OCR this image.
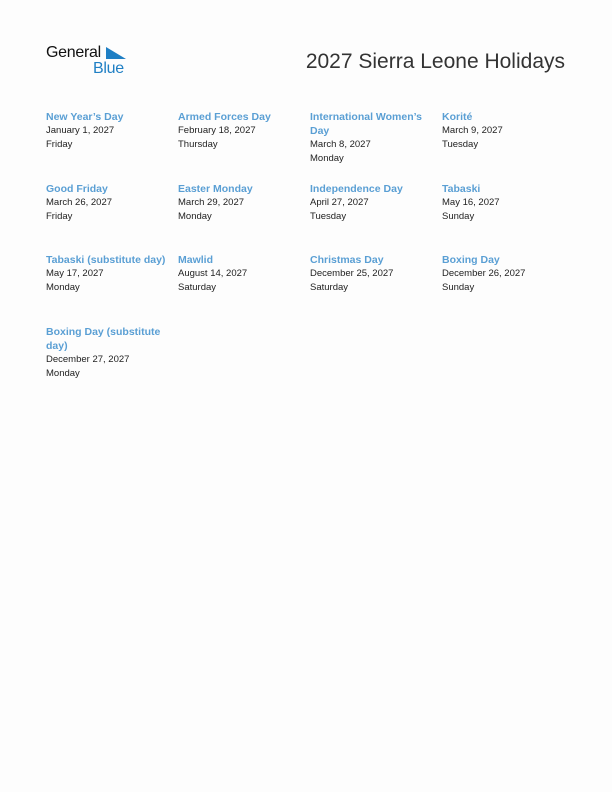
General
Blue	2027 Sierra Leone Holidays
New Year’s Day
January 1, 2027
Friday
Armed Forces Day
February 18, 2027
Thursday
International Women’s Day
March 8, 2027
Monday
Korité
March 9, 2027
Tuesday
Good Friday
March 26, 2027
Friday
Easter Monday
March 29, 2027
Monday
Independence Day
April 27, 2027
Tuesday
Tabaski
May 16, 2027
Sunday
Tabaski (substitute day)
May 17, 2027
Monday
Mawlid
August 14, 2027
Saturday
Christmas Day
December 25, 2027
Saturday
Boxing Day
December 26, 2027
Sunday
Boxing Day (substitute day)
December 27, 2027
Monday
